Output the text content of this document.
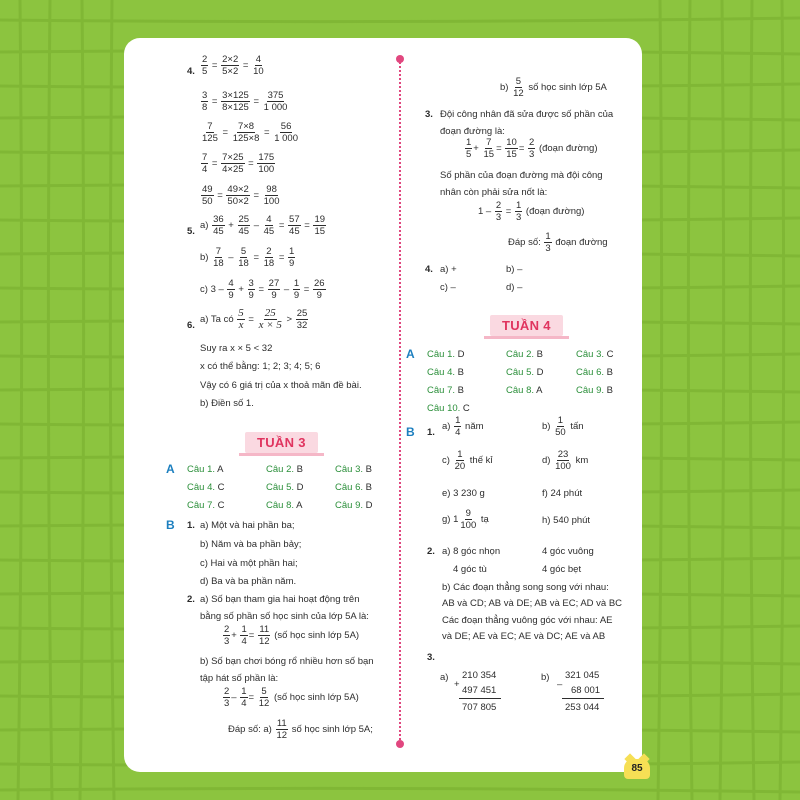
4. $\frac{2}{5} = \frac{2\times 2}{5\times 2} = \frac{4}{10}$
$\frac{3}{8} = \frac{3\times 125}{8\times 125} = \frac{375}{1 000}$
$\frac{7}{125} = \frac{7\times 8}{125\times 8} = \frac{56}{1 000}$
$\frac{7}{4} = \frac{7\times 25}{4\times 25} = \frac{175}{100}$
$\frac{49}{50} = \frac{49\times 2}{50\times 2} = \frac{98}{100}$
5.
$a) \frac{36}{45} + \frac{25}{45} - \frac{4}{45} = \frac{57}{45} = \frac{19}{15}$
$b) \frac{7}{18} - \frac{5}{18} = \frac{2}{18} = \frac{1}{9}$
c) $3 - \frac{4}{9} + \frac{3}{9} = \frac{27}{9} - \frac{1}{9} = \frac{26}{9}$
6.
a) Ta có $\frac{5}{x} = \frac{25}{x \times 5} > \frac{25}{32}$
Suy ra x × 5 < 32
x có thể bằng: 1; 2; 3; 4; 5; 6
Vậy có 6 giá trị của x thoả mãn đề bài.
b) Điền số 1.
TUẦN 3
A Câu 1. A	Câu 2. B	Câu 3. B
Câu 4. C	Câu 5. D	Câu 6. B
Câu 7. C	Câu 8. A	Câu 9. D
B 1. a) Một và hai phần ba;
b) Năm và ba phần bảy;
c) Hai và một phần hai;
d) Ba và ba phần năm.
2. a) Số bạn tham gia hai hoạt động trên
bằng số phần số học sinh của lớp 5A là:
$\frac{2}{3} + \frac{1}{4} = \frac{11}{12}$ (số học sinh lớp 5A)
b) Số bạn chơi bóng rổ nhiều hơn số bạn
tập hát số phần là:
$\frac{2}{3} - \frac{1}{4} = \frac{5}{12}$ (số học sinh lớp 5A)
Đáp số: $a) \frac{11}{12}$ số học sinh lớp 5A;
$b) \frac{5}{12}$ số học sinh lớp 5A
3. Đội công nhân đã sửa được số phần của
đoạn đường là:
$\frac{1}{5} + \frac{7}{15} = \frac{10}{15} = \frac{2}{3}$ (đoạn đường)
Số phần của đoạn đường mà đội công
nhân còn phải sửa nốt là:
$1 - \frac{2}{3} = \frac{1}{3}$ (đoạn đường)
Đáp số: $\frac{1}{3}$ đoạn đường
4. a) +	b) –
c) –	d) –
TUẦN 4
A Câu 1. D	Câu 2. B	Câu 3. C
Câu 4. B	Câu 5. D	Câu 6. B
Câu 7. B	Câu 8. A	Câu 9. B
Câu 10. C
B 1.
$a) \frac{1}{4}$ năm	$b) \frac{1}{50}$ tấn
$c) \frac{1}{20}$ thế kỉ	$d) \frac{23}{100}$ km
e) 3 230 g	f) 24 phút
g) $1 \frac{9}{100}$ tạ	h) 540 phút
2. a) 8 góc nhọn	4 góc vuông
4 góc tù	4 góc bẹt
b) Các đoạn thẳng song song với nhau:
AB và CD; AB và DE; AB và EC; AD và BC
Các đoạn thẳng vuông góc với nhau: AE
và DE; AE và EC; AE và DC; AE và AB
3.
a)
+
210 354
497 451
707 805
b)
–
321 045
68 001
253 044
85
